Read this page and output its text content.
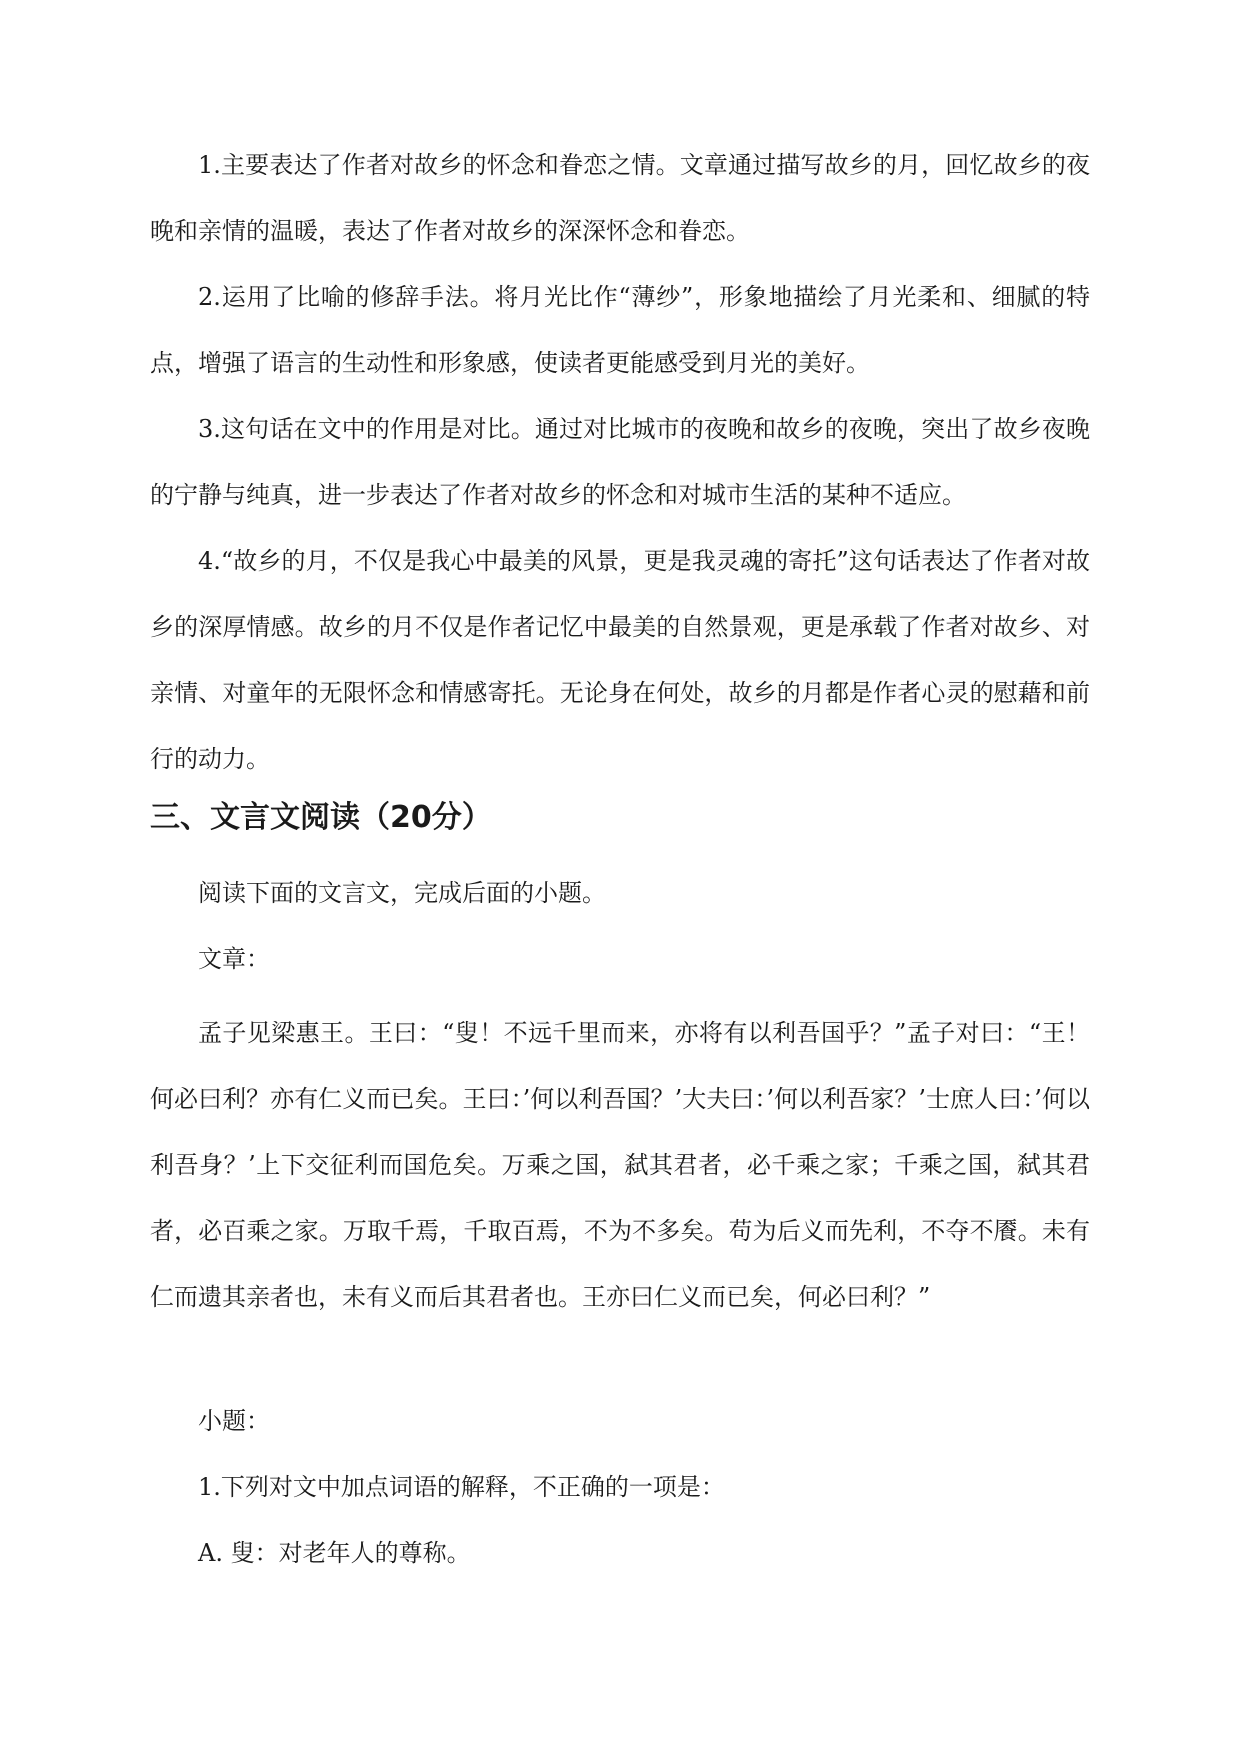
1.主要表达了作者对故乡的怀念和眷恋之情。文章通过描写故乡的月，回忆故乡的夜晚和亲情的温暖，表达了作者对故乡的深深怀念和眷恋。

2.运用了比喻的修辞手法。将月光比作“薄纱”，形象地描绘了月光柔和、细腻的特点，增强了语言的生动性和形象感，使读者更能感受到月光的美好。

3.这句话在文中的作用是对比。通过对比城市的夜晚和故乡的夜晚，突出了故乡夜晚的宁静与纯真，进一步表达了作者对故乡的怀念和对城市生活的某种不适应。

4.“故乡的月，不仅是我心中最美的风景，更是我灵魂的寄托”这句话表达了作者对故乡的深厚情感。故乡的月不仅是作者记忆中最美的自然景观，更是承载了作者对故乡、对亲情、对童年的无限怀念和情感寄托。无论身在何处，故乡的月都是作者心灵的慰藉和前行的动力。

三、文言文阅读（20分）

阅读下面的文言文，完成后面的小题。

文章：

孟子见梁惠王。王曰：“叟！不远千里而来，亦将有以利吾国乎？”孟子对曰：“王！何必曰利？亦有仁义而已矣。王曰：’何以利吾国？’大夫曰：’何以利吾家？’士庶人曰：’何以利吾身？’上下交征利而国危矣。万乘之国，弑其君者，必千乘之家；千乘之国，弑其君者，必百乘之家。万取千焉，千取百焉，不为不多矣。苟为后义而先利，不夺不餍。未有仁而遗其亲者也，未有义而后其君者也。王亦曰仁义而已矣，何必曰利？”

小题：

1.下列对文中加点词语的解释，不正确的一项是：

A. 叟：对老年人的尊称。
